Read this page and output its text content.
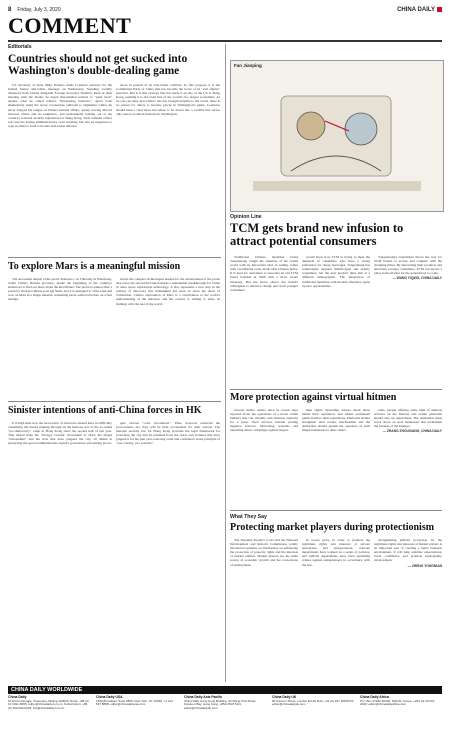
8 Friday, July 3, 2020	CHINA DAILY
COMMENT
Editorials
Countries should not get sucked into Washington's double-dealing game

US Secretary of State Mike Pompeo made London's entrance for the United States' anti-China message on Wednesday. Standing socially distanced from United Kingdom Foreign Secretary Dominic Raab in their meeting with the media, he urged like-minded nations to "push back" against what he called China's "threatening behavior". Apart from shamelessly using the novel coronavirus outbreak to stigmatize China, he never stopped his tongue on China's internal affairs, openly sowing discord between China and its neighbors, and unabashedly lashing out at the country's national security legislation for Hong Kong. Such remarks reflect not only the Trump administration's overt hostility, but also its eagerness to rope in allies to form a broader anti-China alliance.

ences in pursuit of its anti-China coalition. To this purpose, it is the Communist Party of China that has become the focus of its "evil empire" narrative. But it is this strategy that has made it an ally of the US to Hong Kong, pushing it to the front line of the world's two largest economies. As no one can deny that China's rise has brought benefits to the world, there is no reason for others to become pawns in Washington's game. Countries should keep a clear head and refuse to be drawn into a conflict that serves only narrow political interests in Washington.

Fan Jianping
Opinion Line
TCM gets brand new infusion to attract potential consumers

Traditional Chinese medicine brand Tongrentang caught the attention of the online world with its innovative idea of selling coffee with a traditional twist, made with Chinese herbs. It is hard for customers to associate an old TCM brand founded in 1669 with a more recent beverage. But the move shows the brand's willingness to embrace change and reach younger consumers.

would show how TCM is trying to meet the demands of consumers who have a strong preference for cheap beverages. Tongrentang has traditionally targeted middle-aged and elderly consumers, but the new product lines aim at a different demographic. The integration of traditional medicine with modern lifestyles opens up new opportunities.

Tongrentang's experiment shows the way for TCM brands to evolve and compete with the changing times. By innovating their products and attracting younger consumers, TCM can secure a place in the market for the generations to come.

— WANG YIQING, CHINA DAILY
To explore Mars is a meaningful mission

The successful launch of the probe Tianwen-1 on Thursday in Wenchang, South China's Hainan province, marks the beginning of the country's endeavors to find out more about the Red Planet. The probe is named after a poem by ancient Chinese poet Qu Yuan, and it is designed to orbit, land and rove on Mars in a single mission, something never achieved before on a first attempt.

Given the complex technologies needed for the development of the probe and rover, the successful launch marks a remarkable breakthrough for China in outer space exploration technology. It also represents a new step in the journey of discovery that humankind has been on since the dawn of civilization. China's exploration of Mars is a contribution to the world's understanding of the universe, and the country is willing to share its findings with the rest of the world.

More protection against virtual hitmen

Several media outlets have in recent days reported about the operations of a secret online industry that can virtually ruin business anybody for a price. Such services include posting negative reviews, fabricating scandals and launching smear campaigns against targets.

their rights. Spreading rumors about those harms their reputation, and makes permanent public harm to their reputations. Platforms should strengthen their review mechanisms and the authorities should punish the operators of such illegal businesses to deter others.

rules, people offering some kind of dubious services on the Internet and online platforms should step up supervision. The authorities must crack down on such businesses that undermine the fairness of the Internet.

— ZHANG ZHOUXIANG, CHINA DAILY
Sinister intentions of anti-China forces in HK

It is high time now the most naive of observers should have no difficulty visualizing the thread running through all the heinous acts of the so-called "pro-democracy" camp in Hong Kong since the second half of last year. That thread links the "Occupy Central" movement of 2014, the illegal "referendum" and the riots that have plagued the city, all aimed at paralyzing the special administrative region's governance and seizing power.

gate various "color revolutions". Thus, however unlawful the provocateurs are, they will be held accountable for their actions. The national security law for Hong Kong provides the legal framework for protecting the city and its residents from the chaos and violence that have gripped it for the past year, restoring order and confidence in the principle of "one country, two systems".

What They Say
Protecting market players during protectionism

The Supreme People's Court and the National Development and Reform Commission jointly introduced opinions on Wednesday on enhancing the protection of property rights and the interests of market entities. Market players are the main source of economic growth and the cornerstone of employment.

In recent years, in order to promote the legitimate rights and interests of private enterprises and entrepreneurs, relevant departments have worked on a series of policies, and judicial departments have been punishing crimes against entrepreneurs in accordance with the law.

strengthening judicial protection for the legitimate rights and interests of market players is an important part of creating a better business environment. It will help stabilize expectations, boost confidence and promote high-quality development.

— ZHENG YONGNIAN
CHINA DAILY WORLDWIDE
China Daily
15 Huixin Dongjie, Chaoyang, Beijing 100029. News: +86 (0) 10 6491-8366; editor@chinadaily.com.cn. Subscription: +86 (0) 400-699-0203; sub@chinadaily.com.cn
China Daily USA
1500 Broadway, Suite 2800, New York, NY 10036. +1 212 537 8888; editor@chinadailyusa.com
China Daily Asia Pacific
China Daily Hong Kong Building, 42 Wang Chiu Road, Kowloon Bay, Hong Kong. +852 2518 5111; editor@chinadailyhk.com
China Daily UK
90 Cannon Street, London EC4N 6HA. +44 (0) 207 398 8270; editor@chinadailyuk.com
China Daily Africa
P.O. Box 27281-00100, Nairobi, Kenya. +254 (0) 20 522 2200; editor@chinadailyafrica.com
